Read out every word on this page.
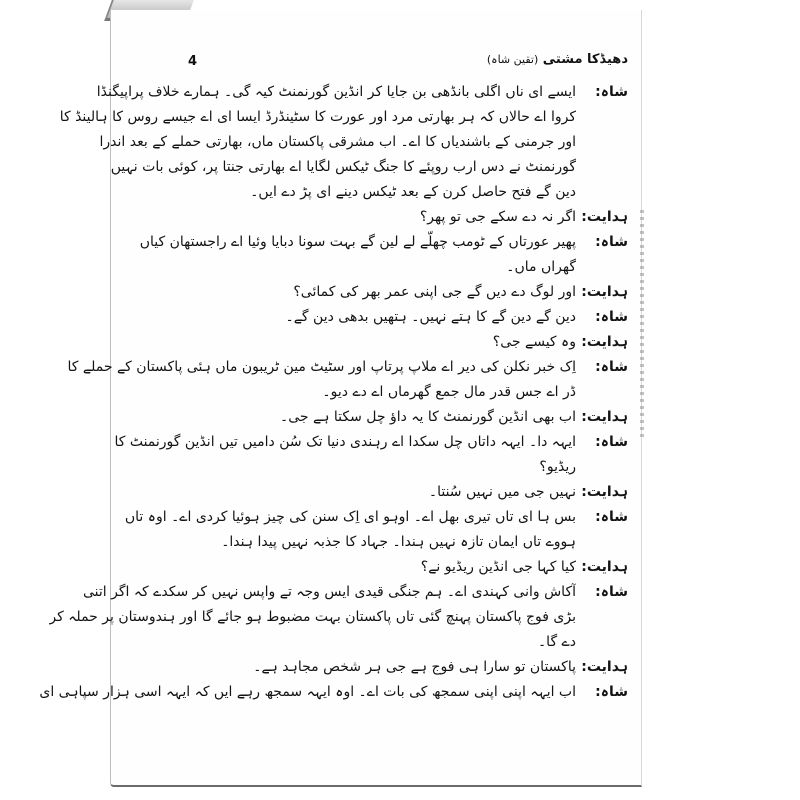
4	دھیڈکا مشتی (تقین شاہ)
شاہ:
ایسے ای ناں اگلی بانڈھی بن جایا کر انڈین گورنمنٹ کیہ گی۔ ہمارے خلاف پراپیگنڈا
کروا اے حالاں کہ ہر بھارتی مرد اور عورت کا سٹینڈرڈ ایسا ای اے جیسے روس کا ہالینڈ کا
اور جرمنی کے باشندیاں کا اے۔ اب مشرقی پاکستان ماں، بھارتی حملے کے بعد اندرا
گورنمنٹ نے دس ارب روپئے کا جنگ ٹیکس لگایا اے بھارتی جنتا پر، کوئی بات نہیں
دین گے فتح حاصل کرن کے بعد ٹیکس دینے ای پڑ دے ایں۔
ہدایت:
اگر نہ دے سکے جی تو پھر؟
شاہ:
پھیر عورتاں کے ٹومب چھلّے لے لین گے بہت سونا دبایا وئیا اے راجستھان کیاں
گھراں ماں۔
ہدایت:
اور لوگ دے دیں گے جی اپنی عمر بھر کی کمائی؟
شاہ:
دین گے دین گے کا ہتے نہیں۔ ہتھیں بدھی دین گے۔
ہدایت:
وہ کیسے جی؟
شاہ:
اِک خبر نکلن کی دیر اے ملاپ پرتاپ اور سٹیٹ مین ٹریبون ماں ہئی پاکستان کے حملے کا
ڈر اے جس قدر مال جمع گھرماں اے دے دیو۔
ہدایت:
اب بھی انڈین گورنمنٹ کا یہ داؤ چل سکتا ہے جی۔
شاہ:
ایہہ دا۔ ایہہ داتاں چل سکدا اے رہندی دنیا تک سُن دامیں تیں انڈین گورنمنٹ کا
ریڈیو؟
ہدایت:
نہیں جی میں نہیں سُنتا۔
شاہ:
بس ہا ای تاں تیری بھل اے۔ اوہو ای اِک سنن کی چیز ہوئیا کردی اے۔ اوہ تاں
ہووے تاں ایمان تازہ نہیں ہندا۔ جہاد کا جذبہ نہیں پیدا ہندا۔
ہدایت:
کیا کہا جی انڈین ریڈیو نے؟
شاہ:
آکاش وانی کہندی اے۔ ہم جنگی قیدی ایس وجہ تے واپس نہیں کر سکدے کہ اگر اتنی
بڑی فوج پاکستان پہنچ گئی تاں پاکستان بہت مضبوط ہو جائے گا اور ہندوستان پر حملہ کر
دے گا۔
ہدایت:
پاکستان تو سارا ہی فوج ہے جی ہر شخص مجاہد ہے۔
شاہ:
اب ایہہ اپنی اپنی سمجھ کی بات اے۔ اوہ ایہہ سمجھ رہے ایں کہ ایہہ اسی ہزار سپاہی ای
